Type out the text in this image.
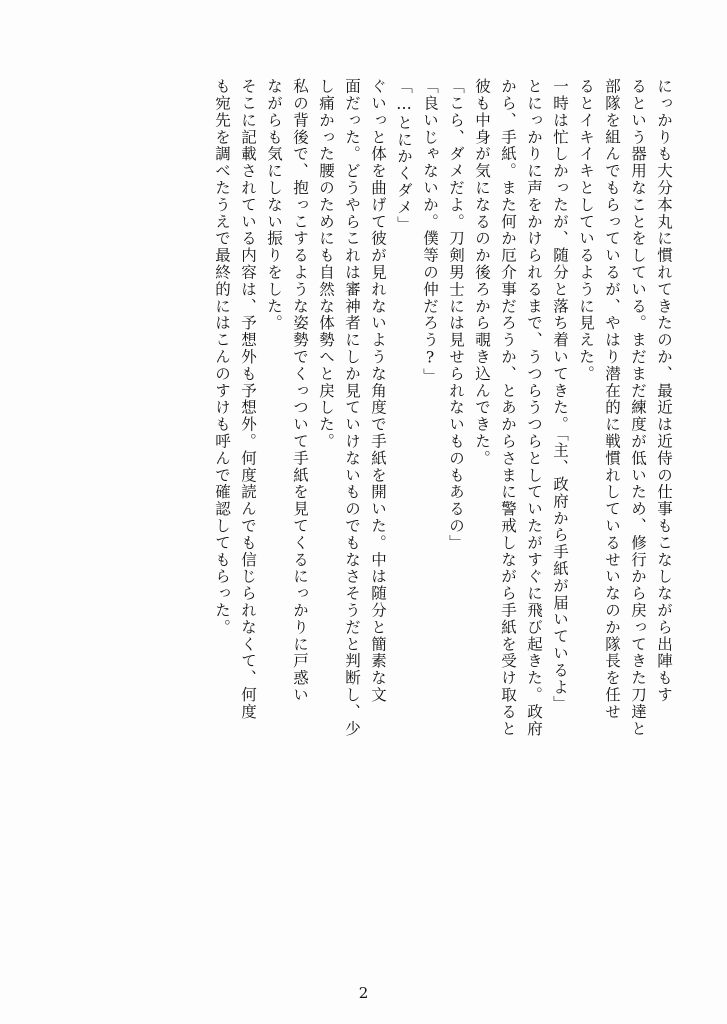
にっかりも大分本丸に慣れてきたのか、最近は近侍の仕事もこなしながら出陣もす
るという器用なことをしている。まだまだ練度が低いため、修行から戻ってきた刀達と
部隊を組んでもらっているが、やはり潜在的に戦慣れしているせいなのか隊長を任せ
るとイキイキとしているように見えた。
一時は忙しかったが、随分と落ち着いてきた。「主、政府から手紙が届いているよ」
とにっかりに声をかけられるまで、うつらうつらとしていたがすぐに飛び起きた。政府
から、手紙。また何か厄介事だろうか、とあからさまに警戒しながら手紙を受け取ると
彼も中身が気になるのか後ろから覗き込んできた。
「こら、ダメだよ。刀剣男士には見せられないものもあるの」
「良いじゃないか。僕等の仲だろう?」
「…とにかくダメ」
ぐいっと体を曲げて彼が見れないような角度で手紙を開いた。中は随分と簡素な文
面だった。どうやらこれは審神者にしか見ていけないものでもなさそうだと判断し、少
し痛かった腰のためにも自然な体勢へと戻した。
私の背後で、抱っこするような姿勢でくっついて手紙を見てくるにっかりに戸惑い
ながらも気にしない振りをした。
そこに記載されている内容は、予想外も予想外。何度読んでも信じられなくて、何度
も宛先を調べたうえで最終的にはこんのすけも呼んで確認してもらった。
2
